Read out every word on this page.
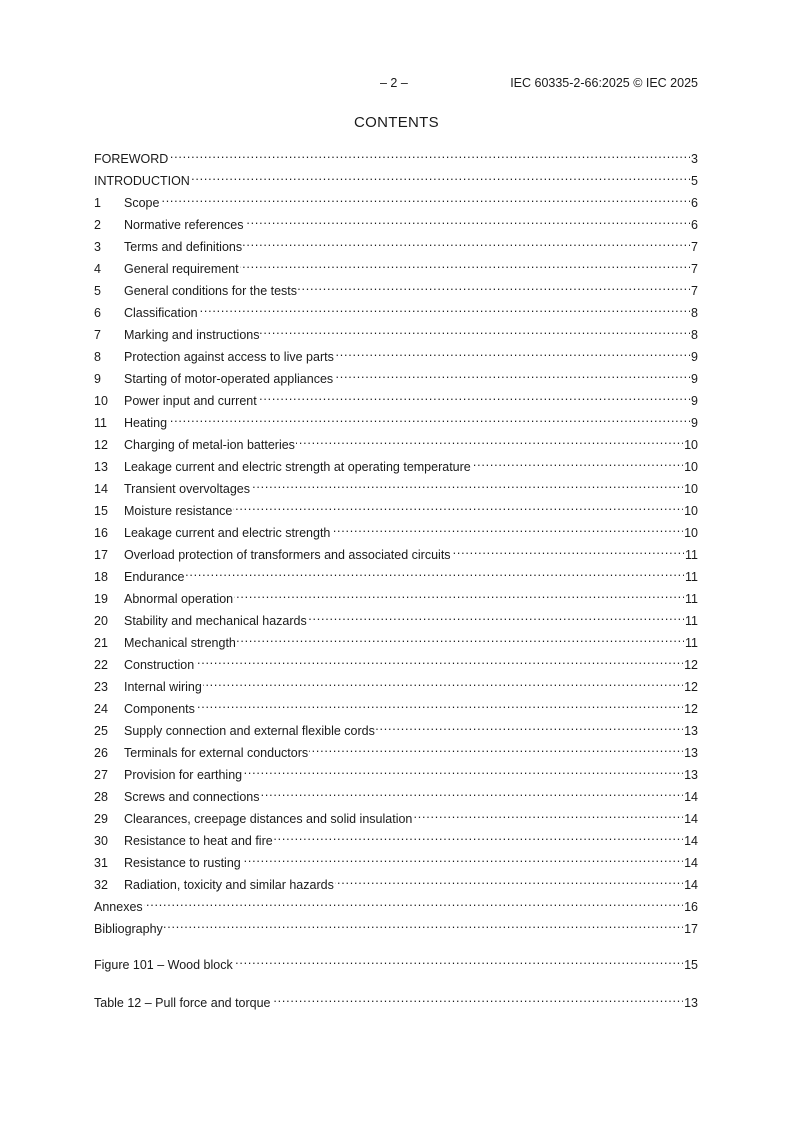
– 2 –	IEC 60335-2-66:2025 © IEC 2025
CONTENTS
FOREWORD . . .	3
INTRODUCTION . . .	5
1	Scope . . .	6
2	Normative references . . .	6
3	Terms and definitions . . .	7
4	General requirement . . .	7
5	General conditions for the tests . . .	7
6	Classification . . .	8
7	Marking and instructions . . .	8
8	Protection against access to live parts . . .	9
9	Starting of motor-operated appliances . . .	9
10	Power input and current . . .	9
11	Heating . . .	9
12	Charging of metal-ion batteries . . .	10
13	Leakage current and electric strength at operating temperature . . .	10
14	Transient overvoltages . . .	10
15	Moisture resistance . . .	10
16	Leakage current and electric strength . . .	10
17	Overload protection of transformers and associated circuits . . .	11
18	Endurance . . .	11
19	Abnormal operation . . .	11
20	Stability and mechanical hazards . . .	11
21	Mechanical strength . . .	11
22	Construction . . .	12
23	Internal wiring . . .	12
24	Components . . .	12
25	Supply connection and external flexible cords . . .	13
26	Terminals for external conductors . . .	13
27	Provision for earthing . . .	13
28	Screws and connections . . .	14
29	Clearances, creepage distances and solid insulation . . .	14
30	Resistance to heat and fire . . .	14
31	Resistance to rusting . . .	14
32	Radiation, toxicity and similar hazards . . .	14
Annexes . . .	16
Bibliography . . .	17
Figure 101 – Wood block . . .	15
Table 12 – Pull force and torque . . .	13
